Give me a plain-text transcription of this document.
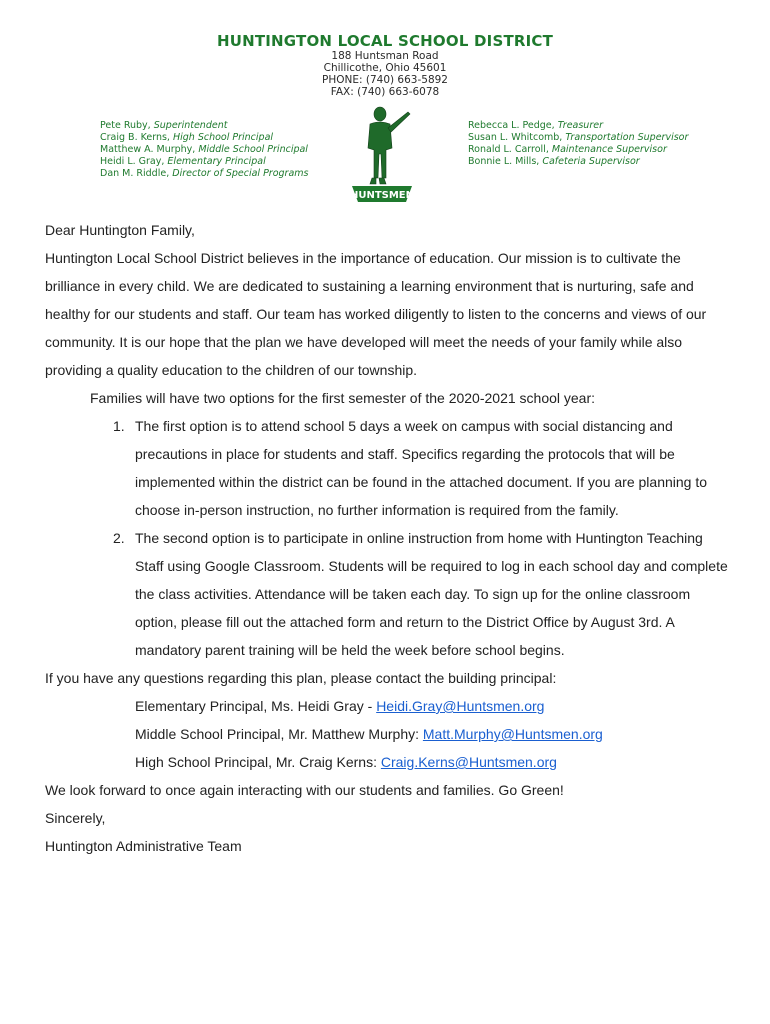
HUNTINGTON LOCAL SCHOOL DISTRICT
188 Huntsman Road
Chillicothe, Ohio 45601
PHONE: (740) 663-5892
FAX: (740) 663-6078
Pete Ruby, Superintendent
Craig B. Kerns, High School Principal
Matthew A. Murphy, Middle School Principal
Heidi L. Gray, Elementary Principal
Dan M. Riddle, Director of Special Programs
HUNTSMEN
Rebecca L. Pedge, Treasurer
Susan L. Whitcomb, Transportation Supervisor
Ronald L. Carroll, Maintenance Supervisor
Bonnie L. Mills, Cafeteria Supervisor

Dear Huntington Family,

Huntington Local School District believes in the importance of education. Our mission is to cultivate the brilliance in every child. We are dedicated to sustaining a learning environment that is nurturing, safe and healthy for our students and staff. Our team has worked diligently to listen to the concerns and views of our community. It is our hope that the plan we have developed will meet the needs of your family while also providing a quality education to the children of our township.

Families will have two options for the first semester of the 2020-2021 school year:

1. The first option is to attend school 5 days a week on campus with social distancing and precautions in place for students and staff. Specifics regarding the protocols that will be implemented within the district can be found in the attached document. If you are planning to choose in-person instruction, no further information is required from the family.
2. The second option is to participate in online instruction from home with Huntington Teaching Staff using Google Classroom. Students will be required to log in each school day and complete the class activities. Attendance will be taken each day. To sign up for the online classroom option, please fill out the attached form and return to the District Office by August 3rd. A mandatory parent training will be held the week before school begins.

If you have any questions regarding this plan, please contact the building principal:

Elementary Principal, Ms. Heidi Gray - Heidi.Gray@Huntsmen.org

Middle School Principal, Mr. Matthew Murphy: Matt.Murphy@Huntsmen.org

High School Principal, Mr. Craig Kerns: Craig.Kerns@Huntsmen.org

We look forward to once again interacting with our students and families. Go Green!

Sincerely,

Huntington Administrative Team
